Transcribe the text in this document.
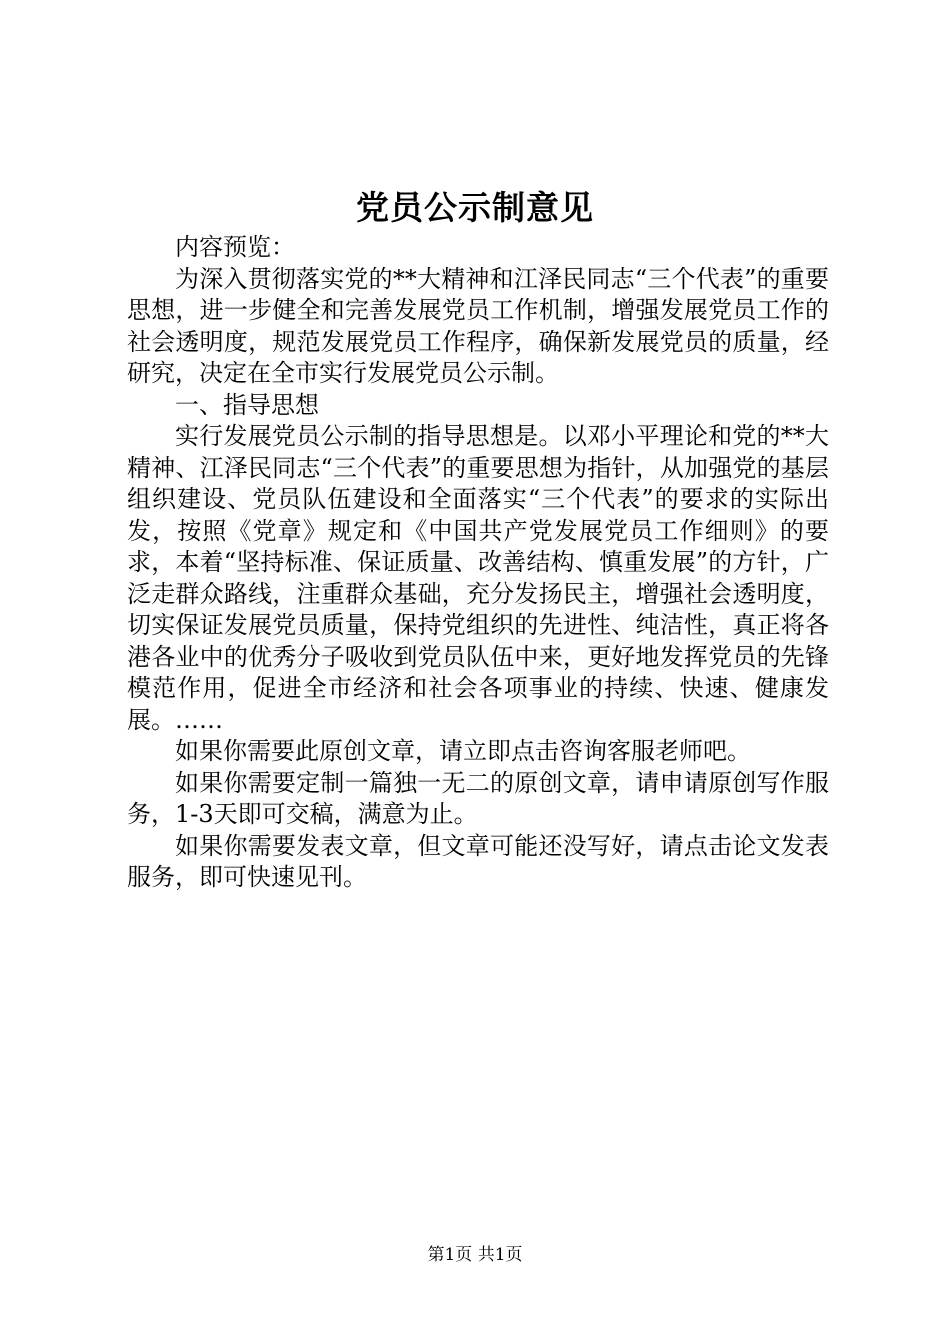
党员公示制意见

内容预览：

为深入贯彻落实党的**大精神和江泽民同志“三个代表”的重要思想，进一步健全和完善发展党员工作机制，增强发展党员工作的社会透明度，规范发展党员工作程序，确保新发展党员的质量，经研究，决定在全市实行发展党员公示制。

一、指导思想

实行发展党员公示制的指导思想是。以邓小平理论和党的**大精神、江泽民同志“三个代表”的重要思想为指针，从加强党的基层组织建设、党员队伍建设和全面落实“三个代表”的要求的实际出发，按照《党章》规定和《中国共产党发展党员工作细则》的要求，本着“坚持标准、保证质量、改善结构、慎重发展”的方针，广泛走群众路线，注重群众基础，充分发扬民主，增强社会透明度，切实保证发展党员质量，保持党组织的先进性、纯洁性，真正将各港各业中的优秀分子吸收到党员队伍中来，更好地发挥党员的先锋模范作用，促进全市经济和社会各项事业的持续、快速、健康发展。……

如果你需要此原创文章，请立即点击咨询客服老师吧。

如果你需要定制一篇独一无二的原创文章，请申请原创写作服务，1-3天即可交稿，满意为止。

如果你需要发表文章，但文章可能还没写好，请点击论文发表服务，即可快速见刊。

第1页 共1页
